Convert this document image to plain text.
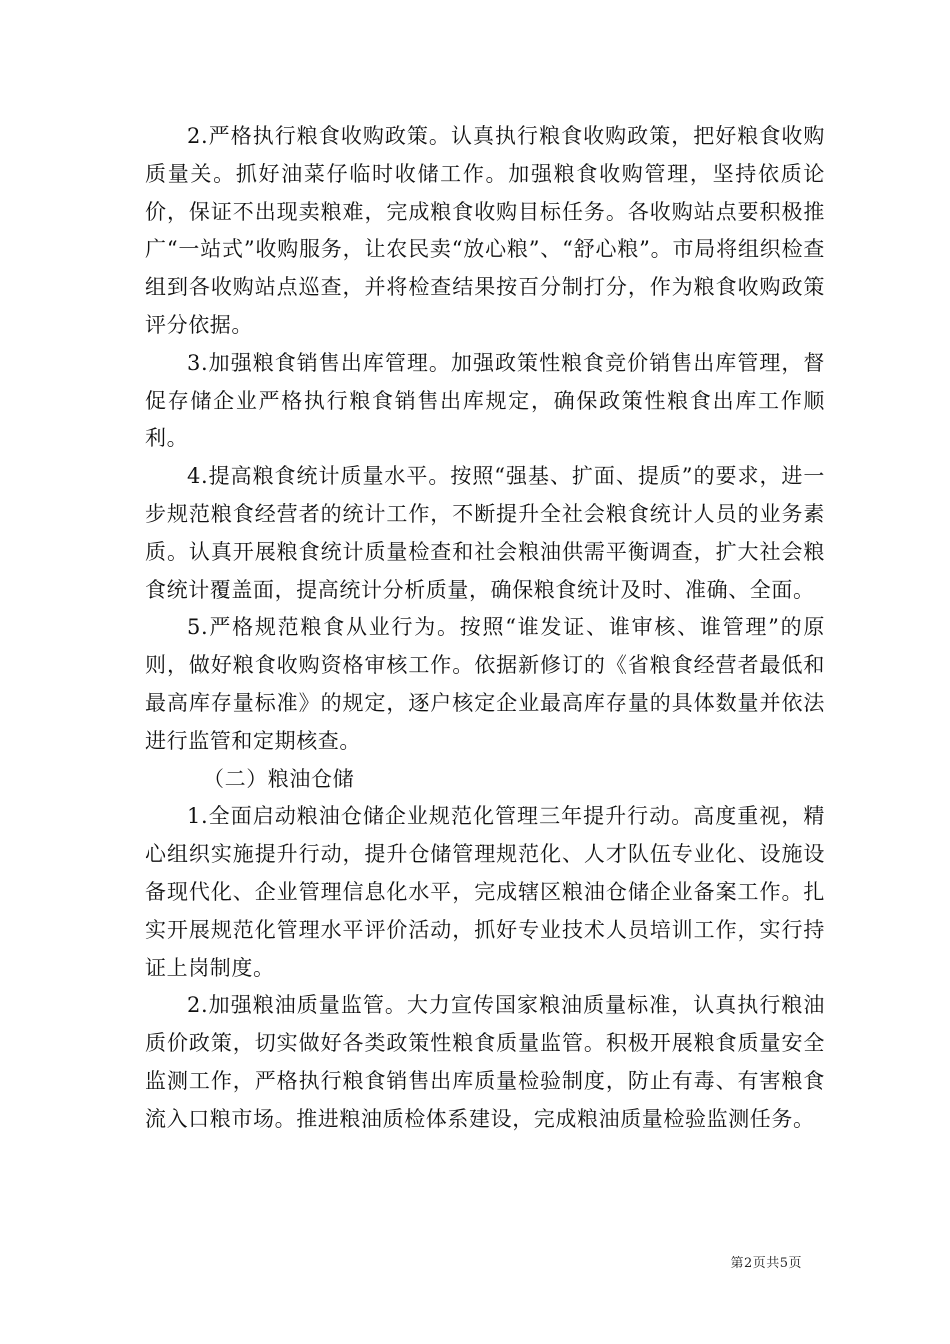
2.严格执行粮食收购政策。认真执行粮食收购政策，把好粮食收购质量关。抓好油菜仔临时收储工作。加强粮食收购管理，坚持依质论价，保证不出现卖粮难，完成粮食收购目标任务。各收购站点要积极推广“一站式”收购服务，让农民卖“放心粮”、“舒心粮”。市局将组织检查组到各收购站点巡查，并将检查结果按百分制打分，作为粮食收购政策评分依据。

3.加强粮食销售出库管理。加强政策性粮食竞价销售出库管理，督促存储企业严格执行粮食销售出库规定，确保政策性粮食出库工作顺利。

4.提高粮食统计质量水平。按照“强基、扩面、提质”的要求，进一步规范粮食经营者的统计工作，不断提升全社会粮食统计人员的业务素质。认真开展粮食统计质量检查和社会粮油供需平衡调查，扩大社会粮食统计覆盖面，提高统计分析质量，确保粮食统计及时、准确、全面。

5.严格规范粮食从业行为。按照“谁发证、谁审核、谁管理”的原则，做好粮食收购资格审核工作。依据新修订的《省粮食经营者最低和最高库存量标准》的规定，逐户核定企业最高库存量的具体数量并依法进行监管和定期核查。

（二）粮油仓储

1.全面启动粮油仓储企业规范化管理三年提升行动。高度重视，精心组织实施提升行动，提升仓储管理规范化、人才队伍专业化、设施设备现代化、企业管理信息化水平，完成辖区粮油仓储企业备案工作。扎实开展规范化管理水平评价活动，抓好专业技术人员培训工作，实行持证上岗制度。

2.加强粮油质量监管。大力宣传国家粮油质量标准，认真执行粮油质价政策，切实做好各类政策性粮食质量监管。积极开展粮食质量安全监测工作，严格执行粮食销售出库质量检验制度，防止有毒、有害粮食流入口粮市场。推进粮油质检体系建设，完成粮油质量检验监测任务。

第2页共5页
